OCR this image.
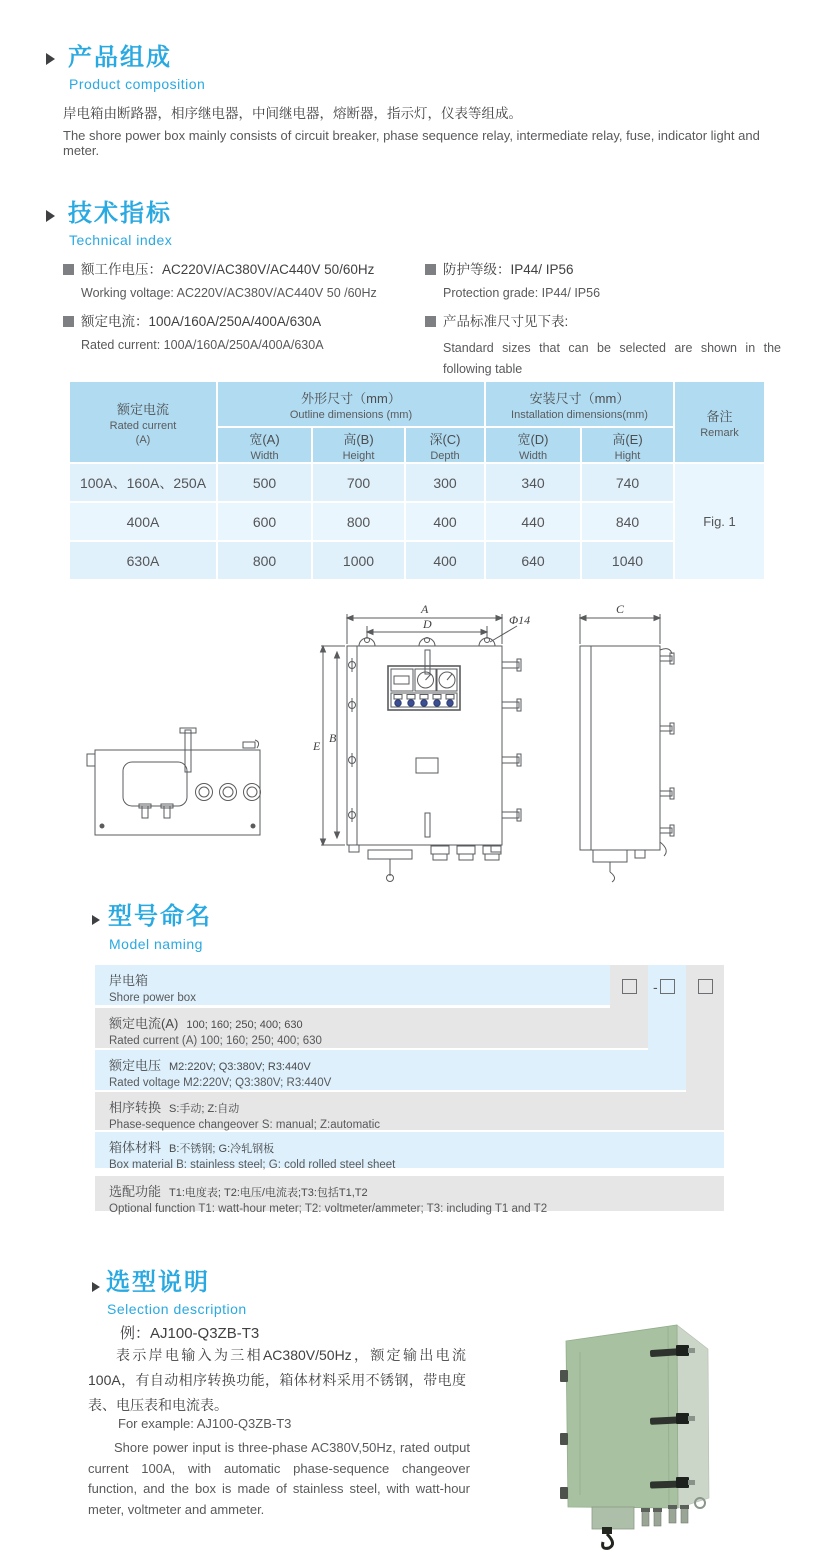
产品组成
Product composition
岸电箱由断路器，相序继电器，中间继电器，熔断器，指示灯，仪表等组成。
The shore power box mainly consists of circuit breaker, phase sequence relay, intermediate relay, fuse, indicator light and meter.
技术指标
Technical index
额工作电压：AC220V/AC380V/AC440V 50/60Hz
Working voltage: AC220V/AC380V/AC440V 50 /60Hz
额定电流：100A/160A/250A/400A/630A
Rated current: 100A/160A/250A/400A/630A
防护等级：IP44/ IP56
Protection grade: IP44/ IP56
产品标准尺寸见下表:
Standard sizes that can be selected are shown in the following table
额定电流
Rated current
(A)
外形尺寸（mm）
Outline dimensions (mm)
安装尺寸（mm）
Installation dimensions(mm)	备注
Remark
宽(A)
Width
高(B)
Height
深(C)
Depth
宽(D)
Width
高(E)
Hight
100A、160A、250A	500	700	300	340	740
Fig. 1
400A	600	800	400	440	840
630A	800	1000	400	640	1040
A
D	Φ14
E
B
C
型号命名
Model naming
-
岸电箱
Shore power box
额定电流(A) 100; 160; 250; 400; 630
Rated current (A) 100; 160; 250; 400; 630
额定电压 M2:220V; Q3:380V; R3:440V
Rated voltage M2:220V; Q3:380V; R3:440V
相序转换 S:手动; Z:自动
Phase-sequence changeover S: manual; Z:automatic
箱体材料 B:不锈钢; G:冷轧钢板
Box material B: stainless steel; G: cold rolled steel sheet
选配功能 T1:电度表; T2:电压/电流表;T3:包括T1,T2
Optional function T1: watt-hour meter; T2: voltmeter/ammeter; T3: including T1 and T2
选型说明
Selection description
例：AJ100-Q3ZB-T3
表示岸电输入为三相AC380V/50Hz，额定输出电流100A，有自动相序转换功能，箱体材料采用不锈钢，带电度表、电压表和电流表。
For example: AJ100-Q3ZB-T3
Shore power input is three-phase AC380V,50Hz, rated output current 100A, with automatic phase-sequence changeover function, and the box is made of stainless steel, with watt-hour meter, voltmeter and ammeter.
